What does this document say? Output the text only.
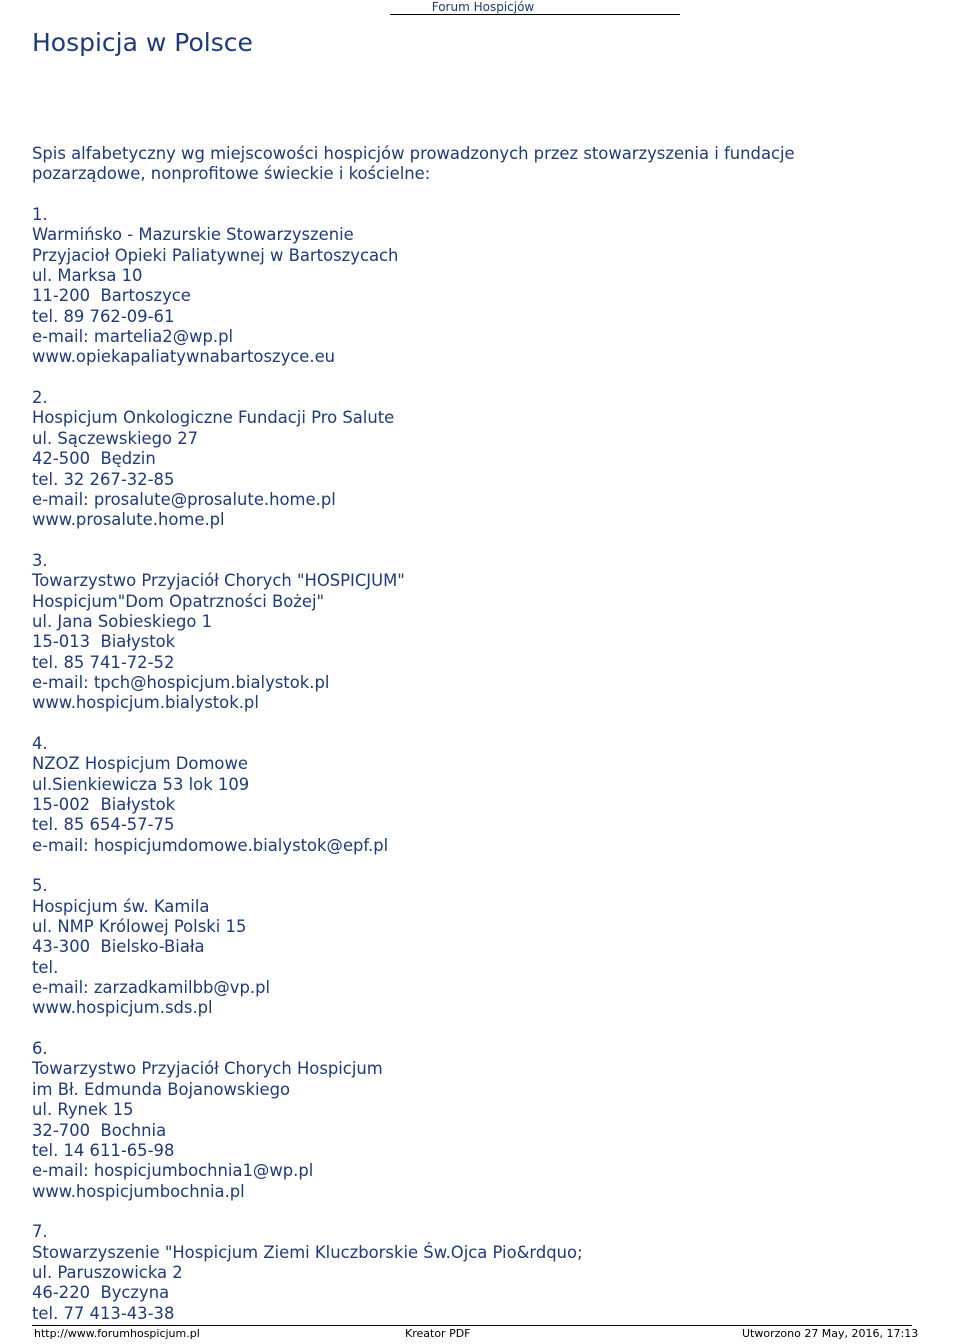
Forum Hospicjów
Hospicja w Polsce

Spis alfabetyczny wg miejscowości hospicjów prowadzonych przez stowarzyszenia i fundacje
pozarządowe, nonprofitowe świeckie i kościelne:

1.
Warmińsko - Mazurskie Stowarzyszenie
Przyjacioł Opieki Paliatywnej w Bartoszycach
ul. Marksa 10
11-200  Bartoszyce
tel. 89 762-09-61
e-mail: martelia2@wp.pl
www.opiekapaliatywnabartoszyce.eu
2.
Hospicjum Onkologiczne Fundacji Pro Salute
ul. Sączewskiego 27
42-500  Będzin
tel. 32 267-32-85
e-mail: prosalute@prosalute.home.pl
www.prosalute.home.pl
3.
Towarzystwo Przyjaciół Chorych "HOSPICJUM"
Hospicjum"Dom Opatrzności Bożej"
ul. Jana Sobieskiego 1
15-013  Białystok
tel. 85 741-72-52
e-mail: tpch@hospicjum.bialystok.pl
www.hospicjum.bialystok.pl
4.
NZOZ Hospicjum Domowe
ul.Sienkiewicza 53 lok 109
15-002  Białystok
tel. 85 654-57-75
e-mail: hospicjumdomowe.bialystok@epf.pl
5.
Hospicjum św. Kamila
ul. NMP Królowej Polski 15
43-300  Bielsko-Biała
tel.
e-mail: zarzadkamilbb@vp.pl
www.hospicjum.sds.pl
6.
Towarzystwo Przyjaciół Chorych Hospicjum
im Bł. Edmunda Bojanowskiego
ul. Rynek 15
32-700  Bochnia
tel. 14 611-65-98
e-mail: hospicjumbochnia1@wp.pl
www.hospicjumbochnia.pl
7.
Stowarzyszenie "Hospicjum Ziemi Kluczborskie Św.Ojca Pio&rdquo;
ul. Paruszowicka 2
46-220  Byczyna
tel. 77 413-43-38
http://www.forumhospicjum.pl	Kreator PDF	Utworzono 27 May, 2016, 17:13
